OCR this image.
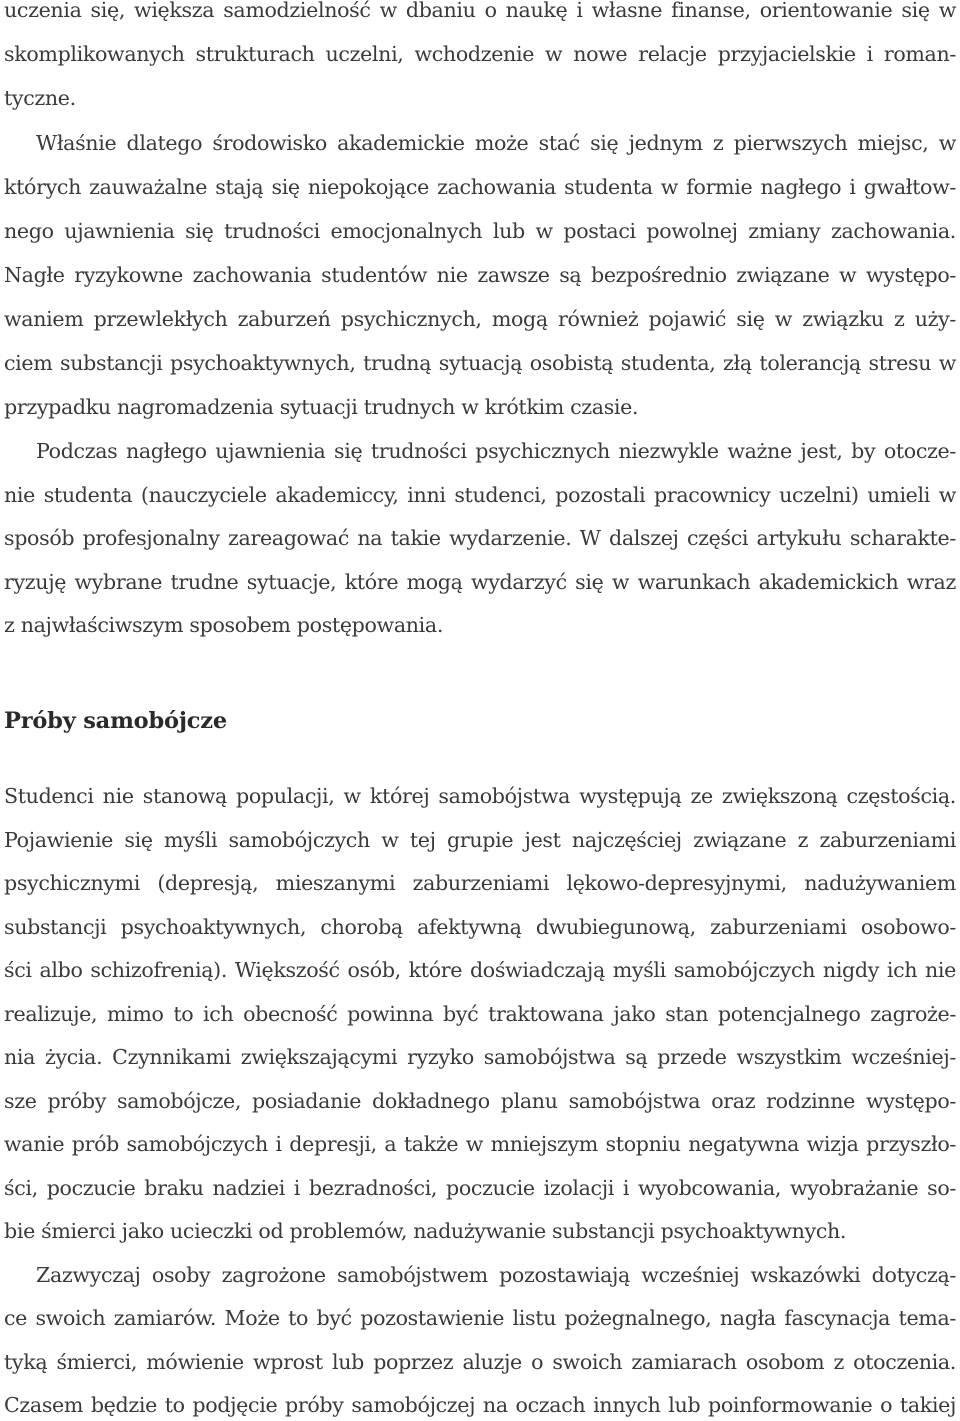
uczenia się, większa samodzielność w dbaniu o naukę i własne finanse, orientowanie się w
skomplikowanych strukturach uczelni, wchodzenie w nowe relacje przyjacielskie i roman-
tyczne.
Właśnie dlatego środowisko akademickie może stać się jednym z pierwszych miejsc, w
których zauważalne stają się niepokojące zachowania studenta w formie nagłego i gwałtow-
nego ujawnienia się trudności emocjonalnych lub w postaci powolnej zmiany zachowania.
Nagłe ryzykowne zachowania studentów nie zawsze są bezpośrednio związane w występo-
waniem przewlekłych zaburzeń psychicznych, mogą również pojawić się w związku z uży-
ciem substancji psychoaktywnych, trudną sytuacją osobistą studenta, złą tolerancją stresu w
przypadku nagromadzenia sytuacji trudnych w krótkim czasie.
Podczas nagłego ujawnienia się trudności psychicznych niezwykle ważne jest, by otocze-
nie studenta (nauczyciele akademiccy, inni studenci, pozostali pracownicy uczelni) umieli w
sposób profesjonalny zareagować na takie wydarzenie. W dalszej części artykułu scharakte-
ryzuję wybrane trudne sytuacje, które mogą wydarzyć się w warunkach akademickich wraz
z najwłaściwszym sposobem postępowania.
Próby samobójcze
Studenci nie stanową populacji, w której samobójstwa występują ze zwiększoną częstością.
Pojawienie się myśli samobójczych w tej grupie jest najczęściej związane z zaburzeniami
psychicznymi (depresją, mieszanymi zaburzeniami lękowo-depresyjnymi, nadużywaniem
substancji psychoaktywnych, chorobą afektywną dwubiegunową, zaburzeniami osobowo-
ści albo schizofrenią). Większość osób, które doświadczają myśli samobójczych nigdy ich nie
realizuje, mimo to ich obecność powinna być traktowana jako stan potencjalnego zagroże-
nia życia. Czynnikami zwiększającymi ryzyko samobójstwa są przede wszystkim wcześniej-
sze próby samobójcze, posiadanie dokładnego planu samobójstwa oraz rodzinne występo-
wanie prób samobójczych i depresji, a także w mniejszym stopniu negatywna wizja przyszło-
ści, poczucie braku nadziei i bezradności, poczucie izolacji i wyobcowania, wyobrażanie so-
bie śmierci jako ucieczki od problemów, nadużywanie substancji psychoaktywnych.
Zazwyczaj osoby zagrożone samobójstwem pozostawiają wcześniej wskazówki dotyczą-
ce swoich zamiarów. Może to być pozostawienie listu pożegnalnego, nagła fascynacja tema-
tyką śmierci, mówienie wprost lub poprzez aluzje o swoich zamiarach osobom z otoczenia.
Czasem będzie to podjęcie próby samobójczej na oczach innych lub poinformowanie o takiej
